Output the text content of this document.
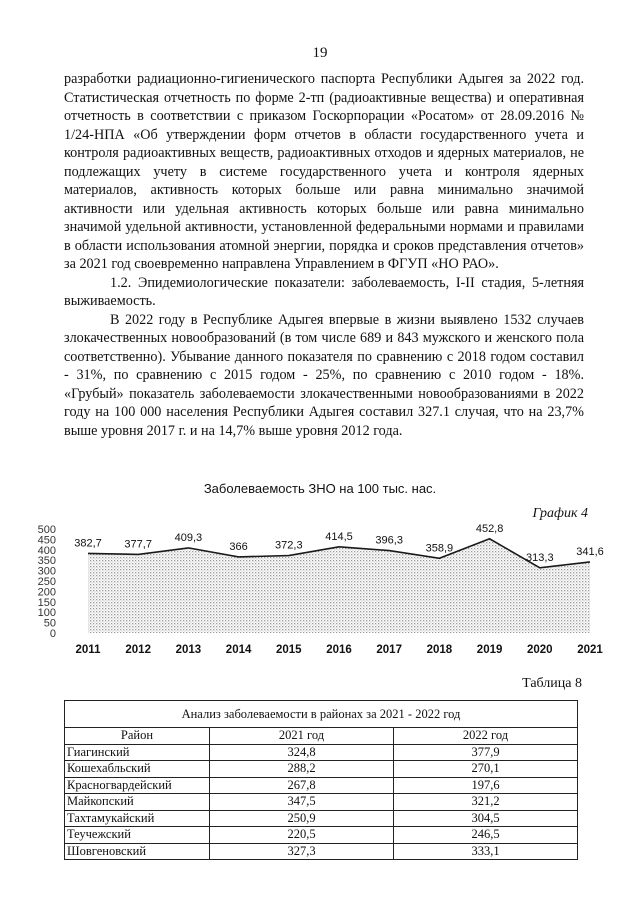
19

разработки радиационно-гигиенического паспорта Республики Адыгея за 2022 год. Статистическая отчетность по форме 2-тп (радиоактивные вещества) и оперативная отчетность в соответствии с приказом Госкорпорации «Росатом» от 28.09.2016 № 1/24-НПА «Об утверждении форм отчетов в области государственного учета и контроля радиоактивных веществ, радиоактивных отходов и ядерных материалов, не подлежащих учету в системе государственного учета и контроля ядерных материалов, активность которых больше или равна минимально значимой активности или удельная активность которых больше или равна минимально значимой удельной активности, установленной федеральными нормами и правилами в области использования атомной энергии, порядка и сроков представления отчетов» за 2021 год своевременно направлена Управлением в ФГУП «НО РАО».

1.2. Эпидемиологические показатели: заболеваемость, I-II стадия, 5-летняя выживаемость.

В 2022 году в Республике Адыгея впервые в жизни выявлено 1532 случаев злокачественных новообразований (в том числе 689 и 843 мужского и женского пола соответственно). Убывание данного показателя по сравнению с 2018 годом составил - 31%, по сравнению с 2015 годом - 25%, по сравнению с 2010 годом - 18%. «Грубый» показатель заболеваемости злокачественными новообразованиями в 2022 году на 100 000 населения Республики Адыгея составил 327.1 случая, что на 23,7% выше уровня 2017 г. и на 14,7% выше уровня 2012 года.

Заболеваемость ЗНО на 100 тыс. нас.
График 4
0
50
100
150
200
250
300
350
400
450
500
382,7 377,7
409,3
366 372,3
414,5 396,3
358,9
452,8
313,3 341,6
2011 2012 2013 2014 2015 2016 2017 2018 2019 2020 2021
Таблица 8
Анализ заболеваемости в районах за 2021 - 2022 год		
Район	2021 год	2022 год
Гиагинский	324,8	377,9
Кошехабльский	288,2	270,1
Красногвардейский	267,8	197,6
Майкопский	347,5	321,2
Тахтамукайский	250,9	304,5
Теучежский	220,5	246,5
Шовгеновский	327,3	333,1
